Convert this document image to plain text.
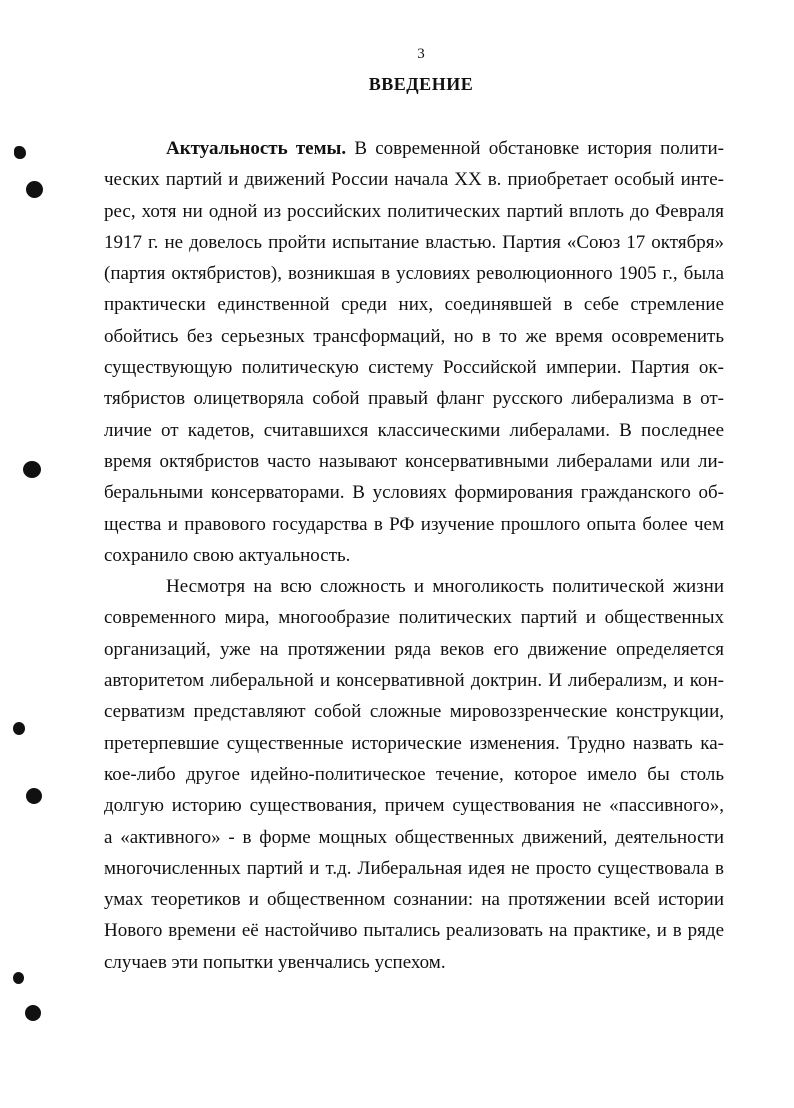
3
ВВЕДЕНИЕ

Актуальность темы. В современной обстановке история полити-
ческих партий и движений России начала XX в. приобретает особый инте-
рес, хотя ни одной из российских политических партий вплоть до Февраля
1917 г. не довелось пройти испытание властью. Партия «Союз 17 октября»
(партия октябристов), возникшая в условиях революционного 1905 г., была
практически единственной среди них, соединявшей в себе стремление
обойтись без серьезных трансформаций, но в то же время осовременить
существующую политическую систему Российской империи. Партия ок-
тябристов олицетворяла собой правый фланг русского либерализма в от-
личие от кадетов, считавшихся классическими либералами. В последнее
время октябристов часто называют консервативными либералами или ли-
беральными консерваторами. В условиях формирования гражданского об-
щества и правового государства в РФ изучение прошлого опыта более чем
сохранило свою актуальность.

Несмотря на всю сложность и многоликость политической жизни
современного мира, многообразие политических партий и общественных
организаций, уже на протяжении ряда веков его движение определяется
авторитетом либеральной и консервативной доктрин. И либерализм, и кон-
серватизм представляют собой сложные мировоззренческие конструкции,
претерпевшие существенные исторические изменения. Трудно назвать ка-
кое-либо другое идейно-политическое течение, которое имело бы столь
долгую историю существования, причем существования не «пассивного»,
а «активного» - в форме мощных общественных движений, деятельности
многочисленных партий и т.д. Либеральная идея не просто существовала в
умах теоретиков и общественном сознании: на протяжении всей истории
Нового времени её настойчиво пытались реализовать на практике, и в ряде
случаев эти попытки увенчались успехом.
